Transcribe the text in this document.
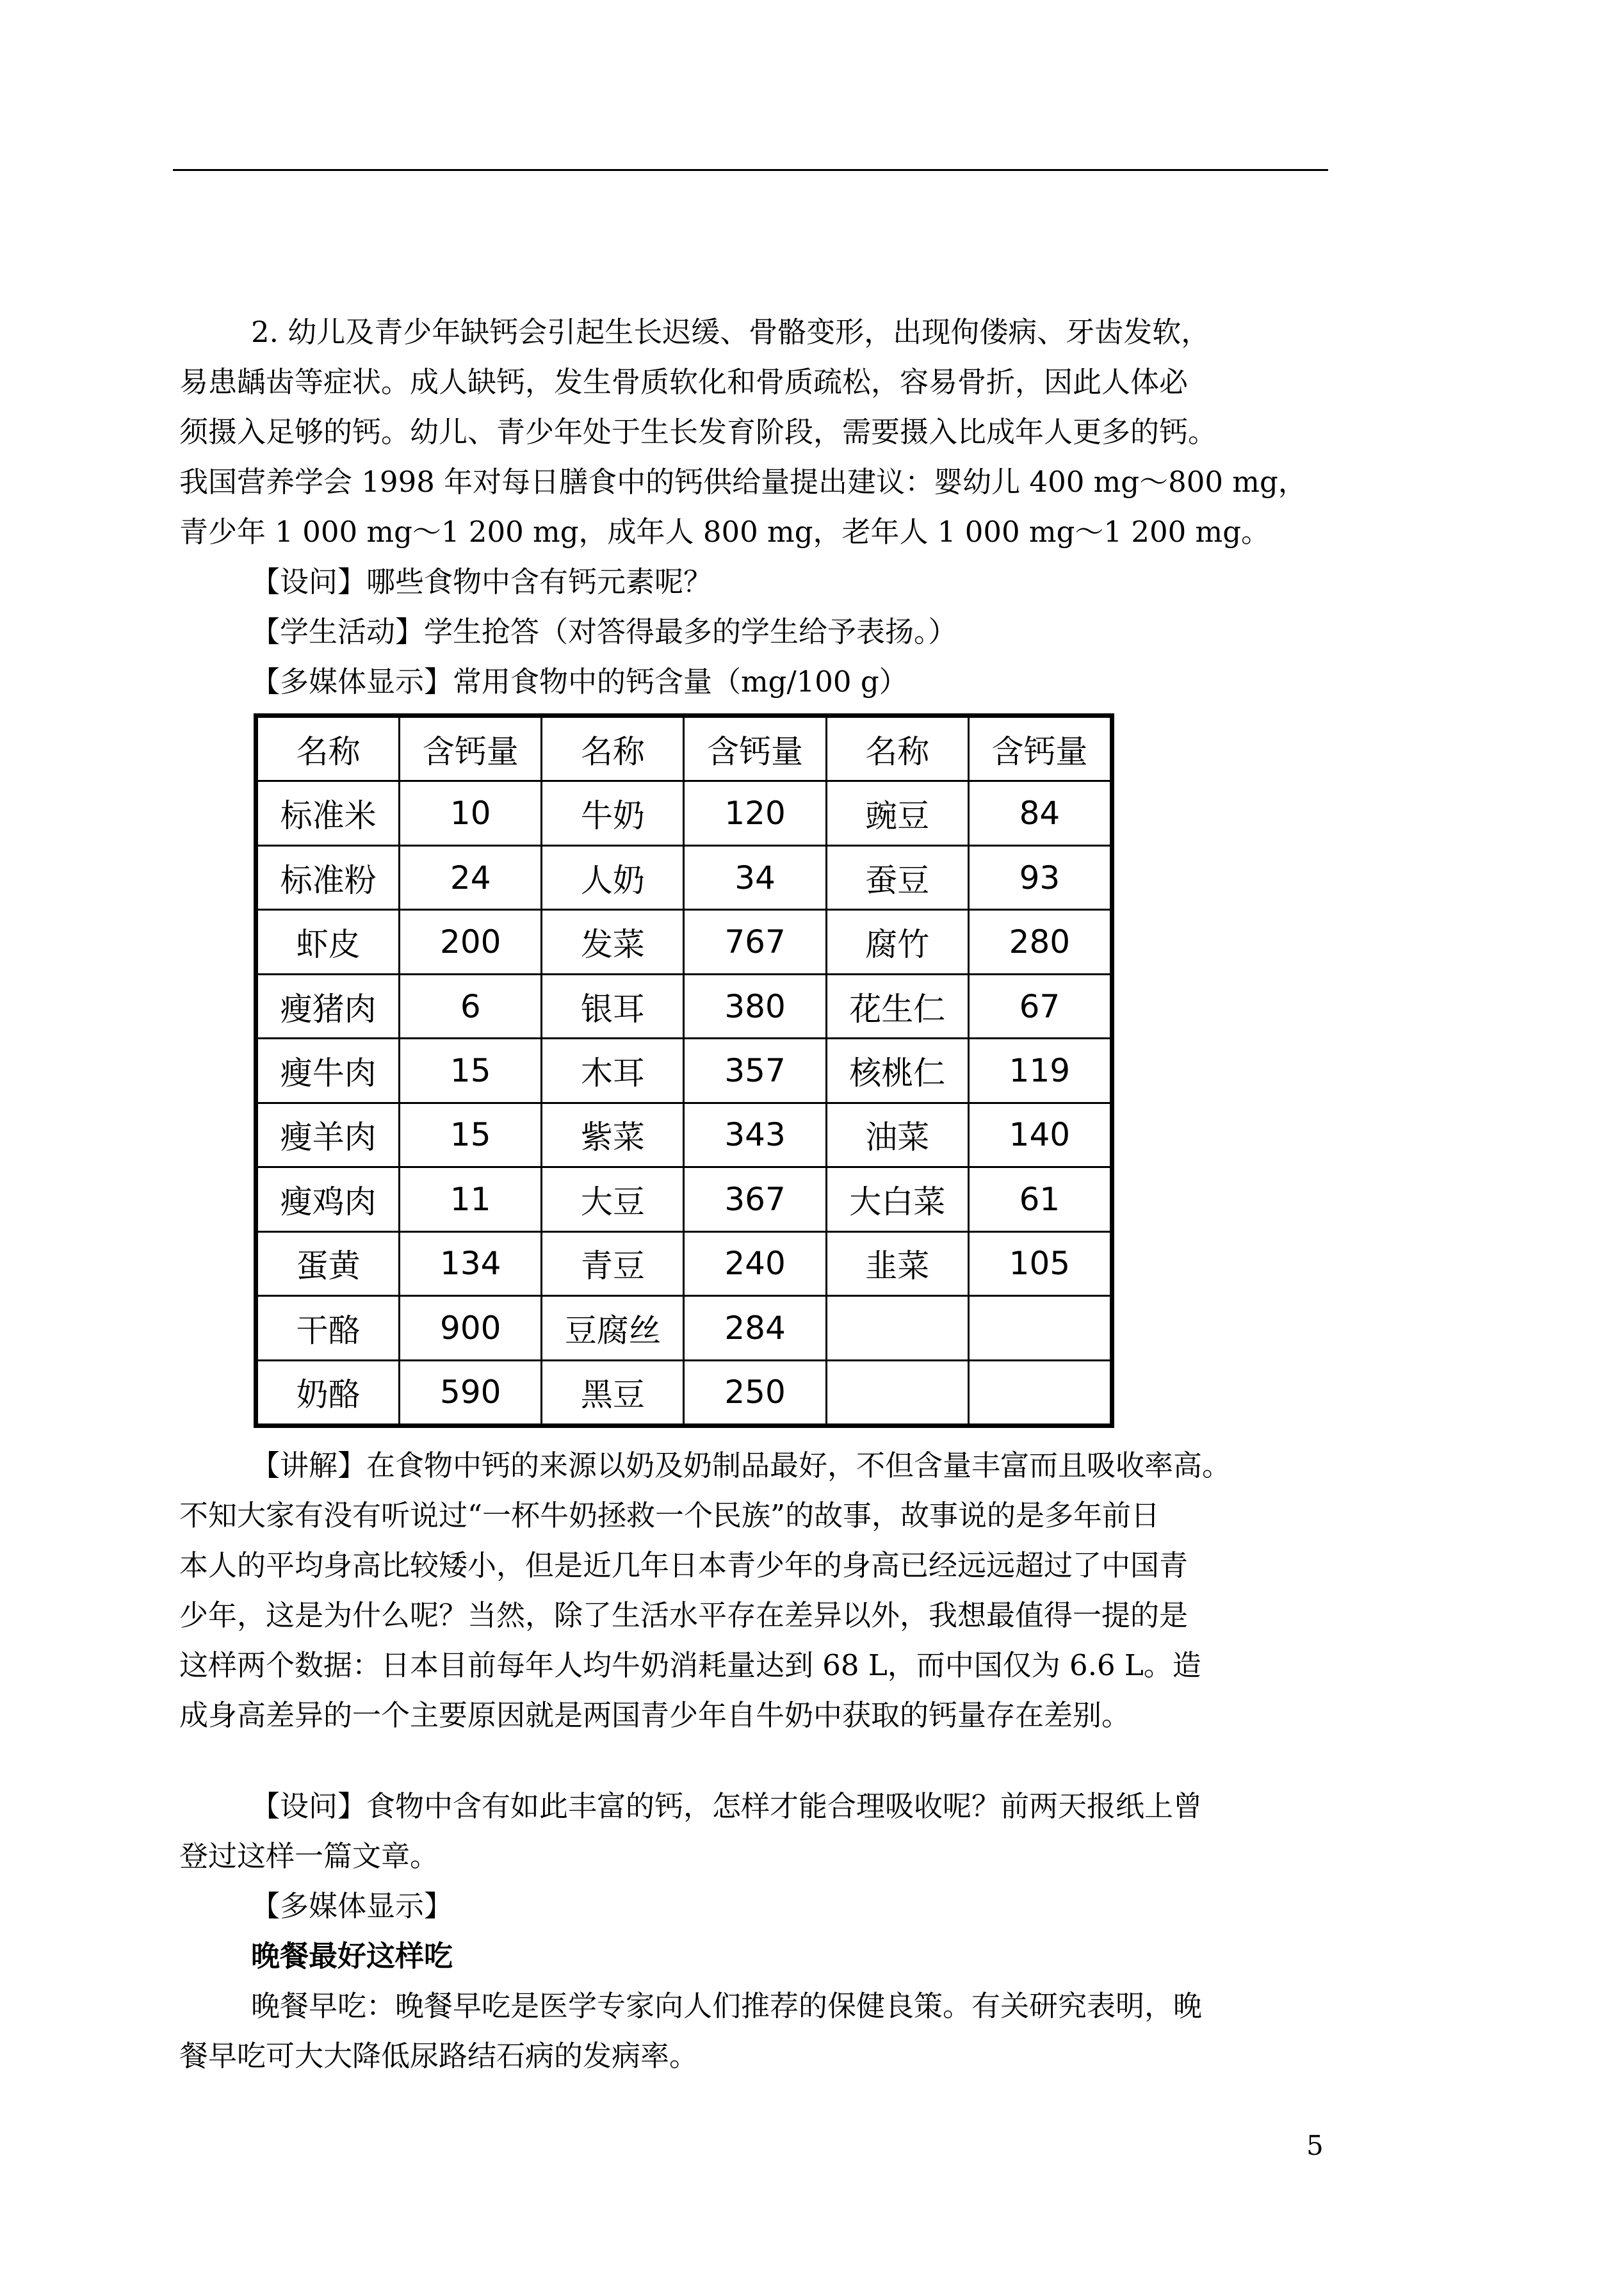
2. 幼儿及青少年缺钙会引起生长迟缓、骨骼变形，出现佝偻病、牙齿发软，
易患龋齿等症状。成人缺钙，发生骨质软化和骨质疏松，容易骨折，因此人体必
须摄入足够的钙。幼儿、青少年处于生长发育阶段，需要摄入比成年人更多的钙。
我国营养学会 1998 年对每日膳食中的钙供给量提出建议：婴幼儿 400 mg～800 mg，
青少年 1 000 mg～1 200 mg，成年人 800 mg，老年人 1 000 mg～1 200 mg。
【设问】哪些食物中含有钙元素呢？
【学生活动】学生抢答（对答得最多的学生给予表扬。）
【多媒体显示】常用食物中的钙含量（mg/100 g）
名称	含钙量	名称	含钙量	名称	含钙量
标准米	10	牛奶	120	豌豆	84
标准粉	24	人奶	34	蚕豆	93
虾皮	200	发菜	767	腐竹	280
瘦猪肉	6	银耳	380	花生仁	67
瘦牛肉	15	木耳	357	核桃仁	119
瘦羊肉	15	紫菜	343	油菜	140
瘦鸡肉	11	大豆	367	大白菜	61
蛋黄	134	青豆	240	韭菜	105
干酪	900	豆腐丝	284		
奶酪	590	黑豆	250		
【讲解】在食物中钙的来源以奶及奶制品最好，不但含量丰富而且吸收率高。
不知大家有没有听说过“一杯牛奶拯救一个民族”的故事，故事说的是多年前日
本人的平均身高比较矮小，但是近几年日本青少年的身高已经远远超过了中国青
少年，这是为什么呢？当然，除了生活水平存在差异以外，我想最值得一提的是
这样两个数据：日本目前每年人均牛奶消耗量达到 68 L，而中国仅为 6.6 L。造
成身高差异的一个主要原因就是两国青少年自牛奶中获取的钙量存在差别。
【设问】食物中含有如此丰富的钙，怎样才能合理吸收呢？前两天报纸上曾
登过这样一篇文章。
【多媒体显示】
晚餐最好这样吃
晚餐早吃：晚餐早吃是医学专家向人们推荐的保健良策。有关研究表明，晚
餐早吃可大大降低尿路结石病的发病率。
5
